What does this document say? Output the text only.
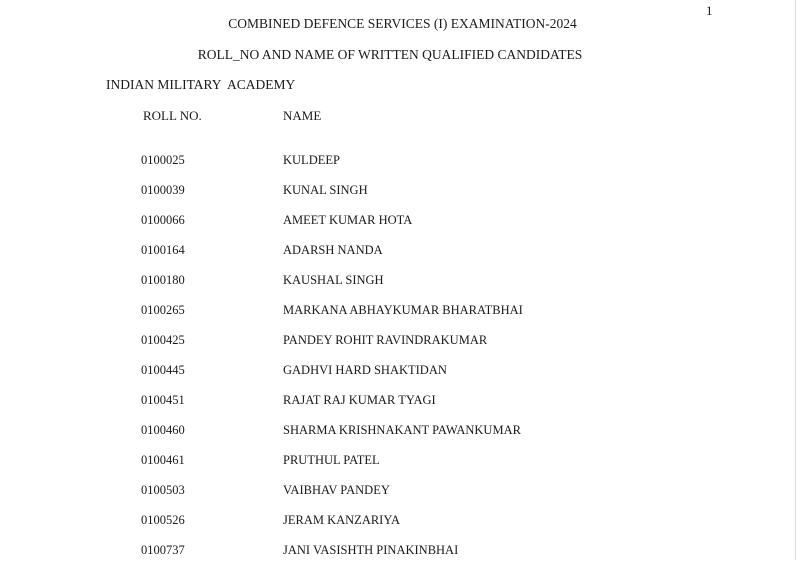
1
COMBINED DEFENCE SERVICES (I) EXAMINATION-2024
ROLL_NO AND NAME OF WRITTEN QUALIFIED CANDIDATES
INDIAN MILITARY  ACADEMY
ROLL NO.	NAME
0100025	KULDEEP
0100039	KUNAL SINGH
0100066	AMEET KUMAR HOTA
0100164	ADARSH NANDA
0100180	KAUSHAL SINGH
0100265	MARKANA ABHAYKUMAR BHARATBHAI
0100425	PANDEY ROHIT RAVINDRAKUMAR
0100445	GADHVI HARD SHAKTIDAN
0100451	RAJAT RAJ KUMAR TYAGI
0100460	SHARMA KRISHNAKANT PAWANKUMAR
0100461	PRUTHUL PATEL
0100503	VAIBHAV PANDEY
0100526	JERAM KANZARIYA
0100737	JANI VASISHTH PINAKINBHAI
